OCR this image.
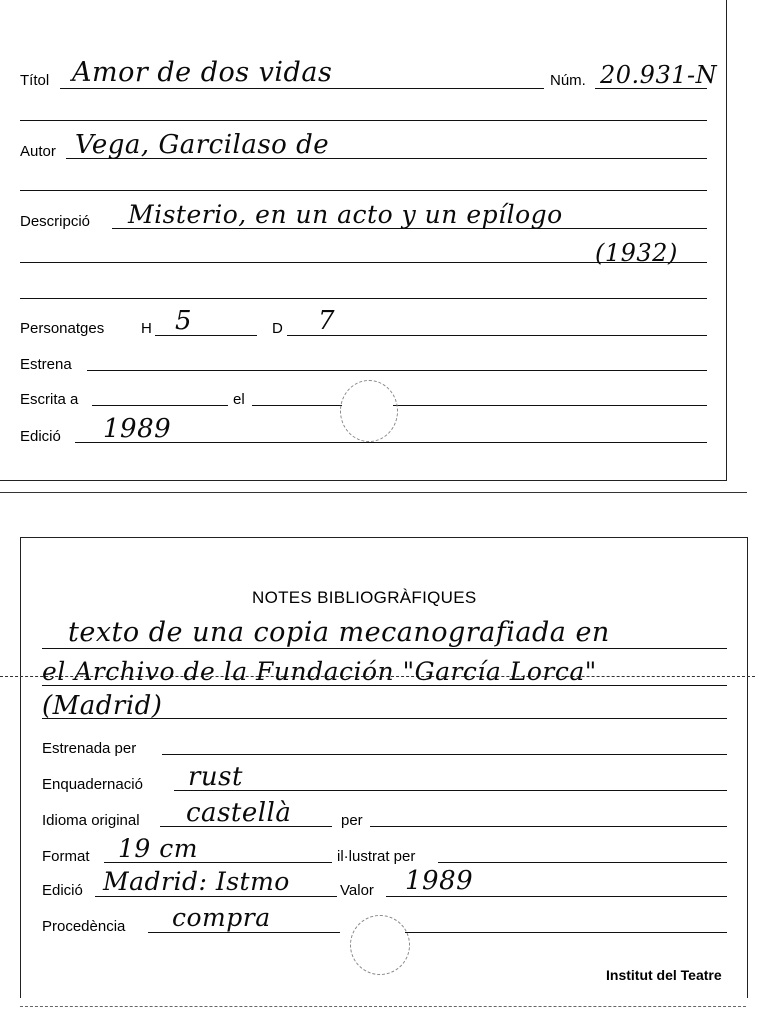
Títol Amor de dos vidas	Núm. 20.931-N
Autor Vega, Garcilaso de
Descripció Misterio, en un acto y un epílogo
(1932)
Personatges H 5	D 7
Estrena
Escrita a	el
Edició 1989
NOTES BIBLIOGRÀFIQUES
texto de una copia mecanografiada en
el Archivo de la Fundación "García Lorca"
(Madrid)
Estrenada per
Enquadernació rust
Idioma original castellà	per
Format 19 cm	il·lustrat per
Edició Madrid: Istmo	Valor 1989
Procedència compra
Institut del Teatre
